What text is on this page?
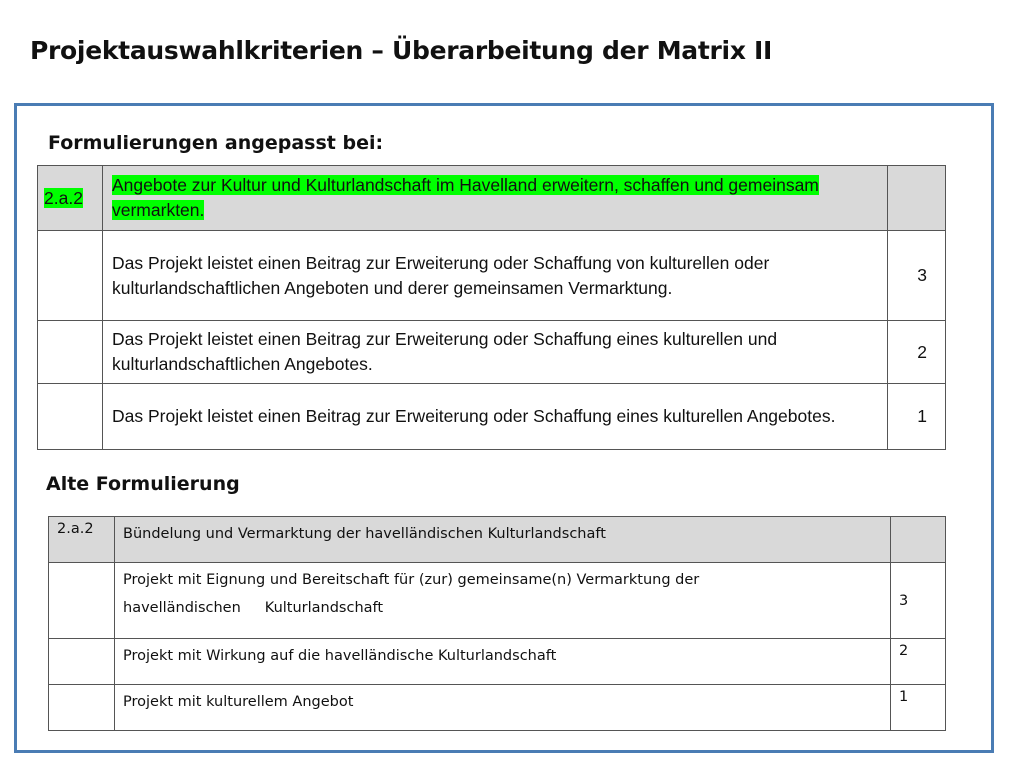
Projektauswahlkriterien – Überarbeitung der Matrix II
Formulierungen angepasst bei:
2.a.2	Angebote zur Kultur und Kulturlandschaft im Havelland erweitern, schaffen und gemeinsam vermarkten.	
	Das Projekt leistet einen Beitrag zur Erweiterung oder Schaffung von kulturellen oder kulturlandschaftlichen Angeboten und derer gemeinsamen Vermarktung.	3
	Das Projekt leistet einen Beitrag zur Erweiterung oder Schaffung eines kulturellen und kulturlandschaftlichen Angebotes.	2
	Das Projekt leistet einen Beitrag zur Erweiterung oder Schaffung eines kulturellen Angebotes.	1
Alte Formulierung
2.a.2	Bündelung und Vermarktung der havelländischen Kulturlandschaft	
	Projekt mit Eignung und Bereitschaft für (zur) gemeinsame(n) Vermarktung der
havelländischen Kulturlandschaft	3
	Projekt mit Wirkung auf die havelländische Kulturlandschaft	2
	Projekt mit kulturellem Angebot	1
